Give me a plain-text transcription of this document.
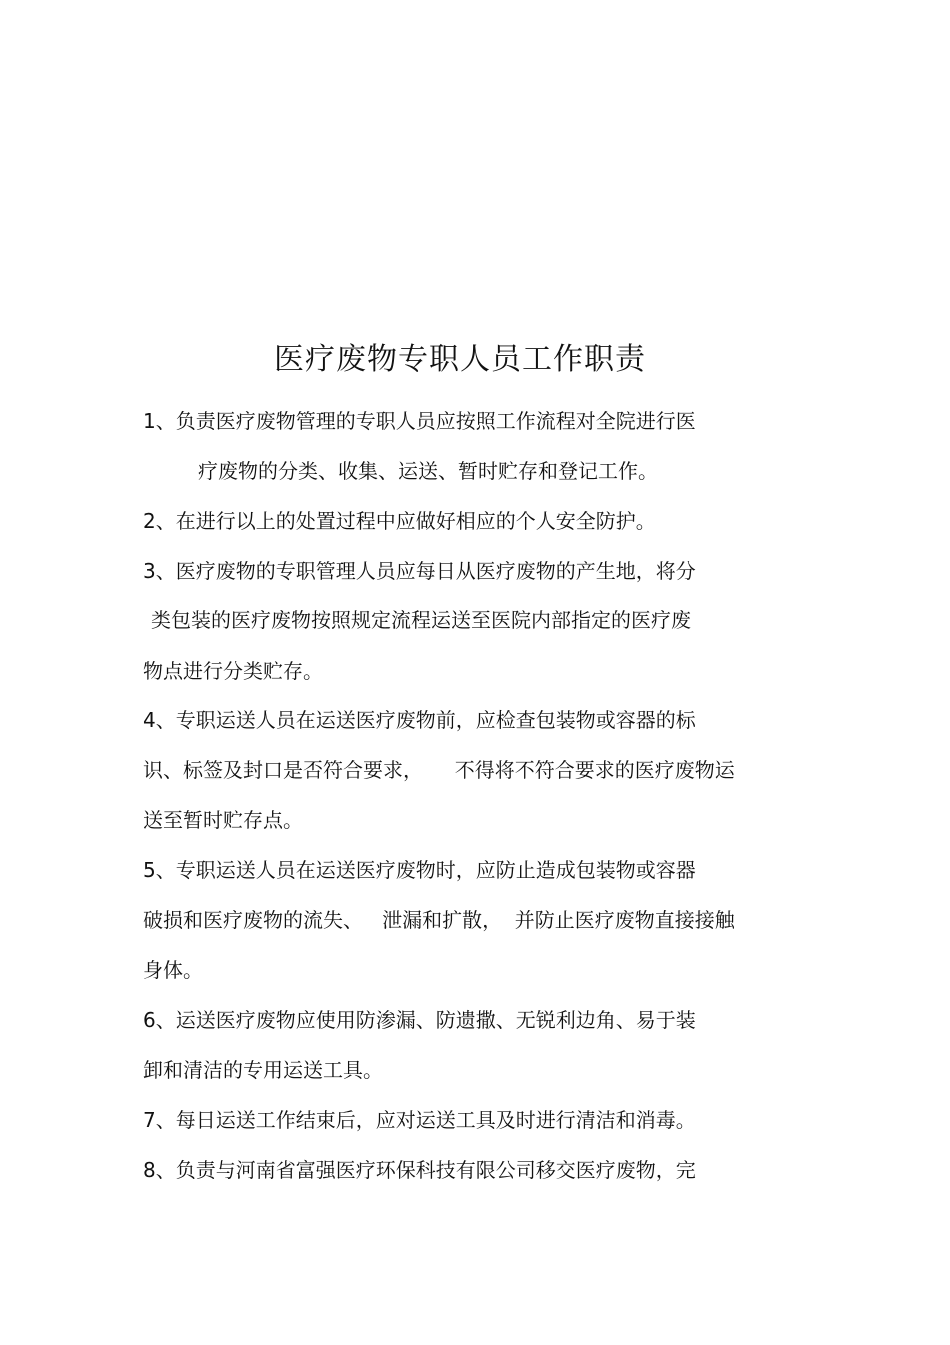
医疗废物专职人员工作职责
1、负责医疗废物管理的专职人员应按照工作流程对全院进行医
疗废物的分类、收集、运送、暂时贮存和登记工作。
2、在进行以上的处置过程中应做好相应的个人安全防护。
3、医疗废物的专职管理人员应每日从医疗废物的产生地，将分
类包装的医疗废物按照规定流程运送至医院内部指定的医疗废
物点进行分类贮存。
4、专职运送人员在运送医疗废物前，应检查包装物或容器的标
识、标签及封口是否符合要求，     不得将不符合要求的医疗废物运
送至暂时贮存点。
5、专职运送人员在运送医疗废物时，应防止造成包装物或容器
破损和医疗废物的流失、   泄漏和扩散，  并防止医疗废物直接接触
身体。
6、运送医疗废物应使用防渗漏、防遗撒、无锐利边角、易于装
卸和清洁的专用运送工具。
7、每日运送工作结束后，应对运送工具及时进行清洁和消毒。
8、负责与河南省富强医疗环保科技有限公司移交医疗废物，完
